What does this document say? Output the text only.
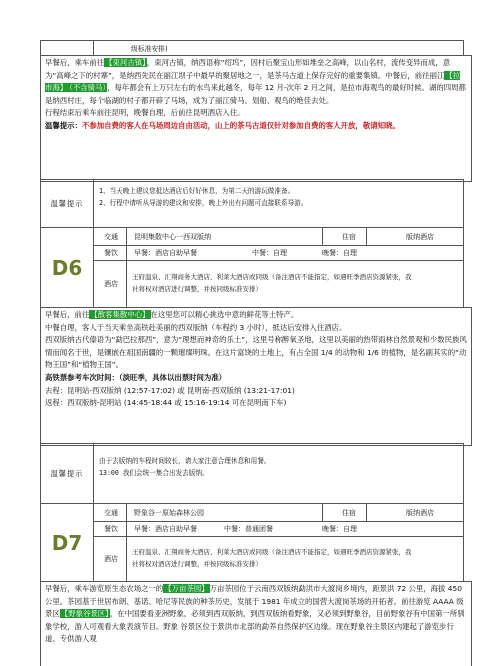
级标准安排)
早餐后，乘车前往【束河古镇】，束河古镇，纳西语称“绍坞”，因村后聚宝山形如堆垒之高峰，以山名村，流传变异而成，意为“高峰之下的村寨”，是纳西先民在丽江坝子中最早的聚居地之一，是茶马古道上保存完好的重要集镇。中餐后，前往丽江【拉市海】 （不含骑马），每年都会有上万只左右的水鸟来此越冬，每年 12 月-次年 2 月之间，是拉市海观鸟的最好时候。湖的四周都是纳西村庄，每个临湖的村子都开辟了马场，成为了丽江骑马、划船、观鸟的绝佳去处。
行程结束后乘车前往昆明，晚餐自理，后前往昆明酒店入住。
温馨提示：不参加自费的客人在马场周边自由活动，山上的茶马古道仅针对参加自费的客人开放，敬请知晓。
温馨提示
1、当天晚上建议您抵达酒店后好好休息，为第二天的游玩做准备。
2、行程中请听从导游的建议和安排，晚上外出有问题可直接联系导游。
D6
交通 昆明集散中心一西双版纳	住宿	版纳酒店
餐饮 早餐：酒店自助早餐	中餐：自理	晚餐：自理
酒店
王府温泉、汇翔商务大酒店、利莱大酒店或同级（备注酒店不能指定，如遇旺季酒店资源紧张，我
社将权对酒店进行调整，并按同级标准安排）
早餐后，前往【散客集散中心】在这里您可以精心挑选中意的鲜花等土特产。
中餐自理，客人于当天乘坐高铁赴美丽的西双版纳（车程约 3 小时），抵达后安排入住酒店。
西双版纳古代傣语为“勐巴拉那西”，意为“理想而神奇的乐土”，这里号称醉氧圣地，这里以美丽的热带雨林自然景观和少数民族风情而闻名于世，是镶嵌在祖国南疆的一颗璀璨明珠。在这片富饶的土地上，有占全国 1/4 的动物和 1/6 的植物，是名副其实的“动物王国”和“植物王国”。
高铁票参考车次时间：（淡旺季，具体以出票时间为准）
去程：昆明站-西双版纳 (12:57-17:02) 或 昆明南-西双版纳 (13:21-17:01)
返程：西双版纳-昆明站 (14:45-18:44 或 15:16-19:14 可在昆明南下车)
温馨提示
由于去版纳的车程时间较长，请大家注意合理休息和用餐。
13:00 我们会统一集合出发去版纳。
D7
交通 野象谷一原始森林公园	住宿	版纳酒店
餐饮 早餐：酒店自助早餐	中餐：普通团餐	晚餐：自理
酒店
王府温泉、汇翔商务大酒店、利莱大酒店或同级（备注酒店不能指定，如遇旺季酒店资源紧张，我
社将权对酒店进行调整，并按同级标准安排）
早餐后，乘车游览原生态农场之一的【万亩茶园】万亩茶园位于云南西双版纳勐洪市大渡岗乡境内，距景洪 72 公里，海拔 450 公里。茶园基于世居布朗、基诺、哈尼等民族的种茶历史，发展于 1981 年成立的国营大渡岗茶场的开拓者。前往游览 AAAA 级景区【野象谷景区】，在中国要看亚洲野象，必须到西双版纳，到西双版纳看野象，又必须到野象谷，目前野象谷有中国第一所驯象学校，游人可观看大象表演节目。野象 谷景区位于景洪市北部的勐养自然保护区边缘。现在野象谷主景区内建起了游览步行道、专供游人观
